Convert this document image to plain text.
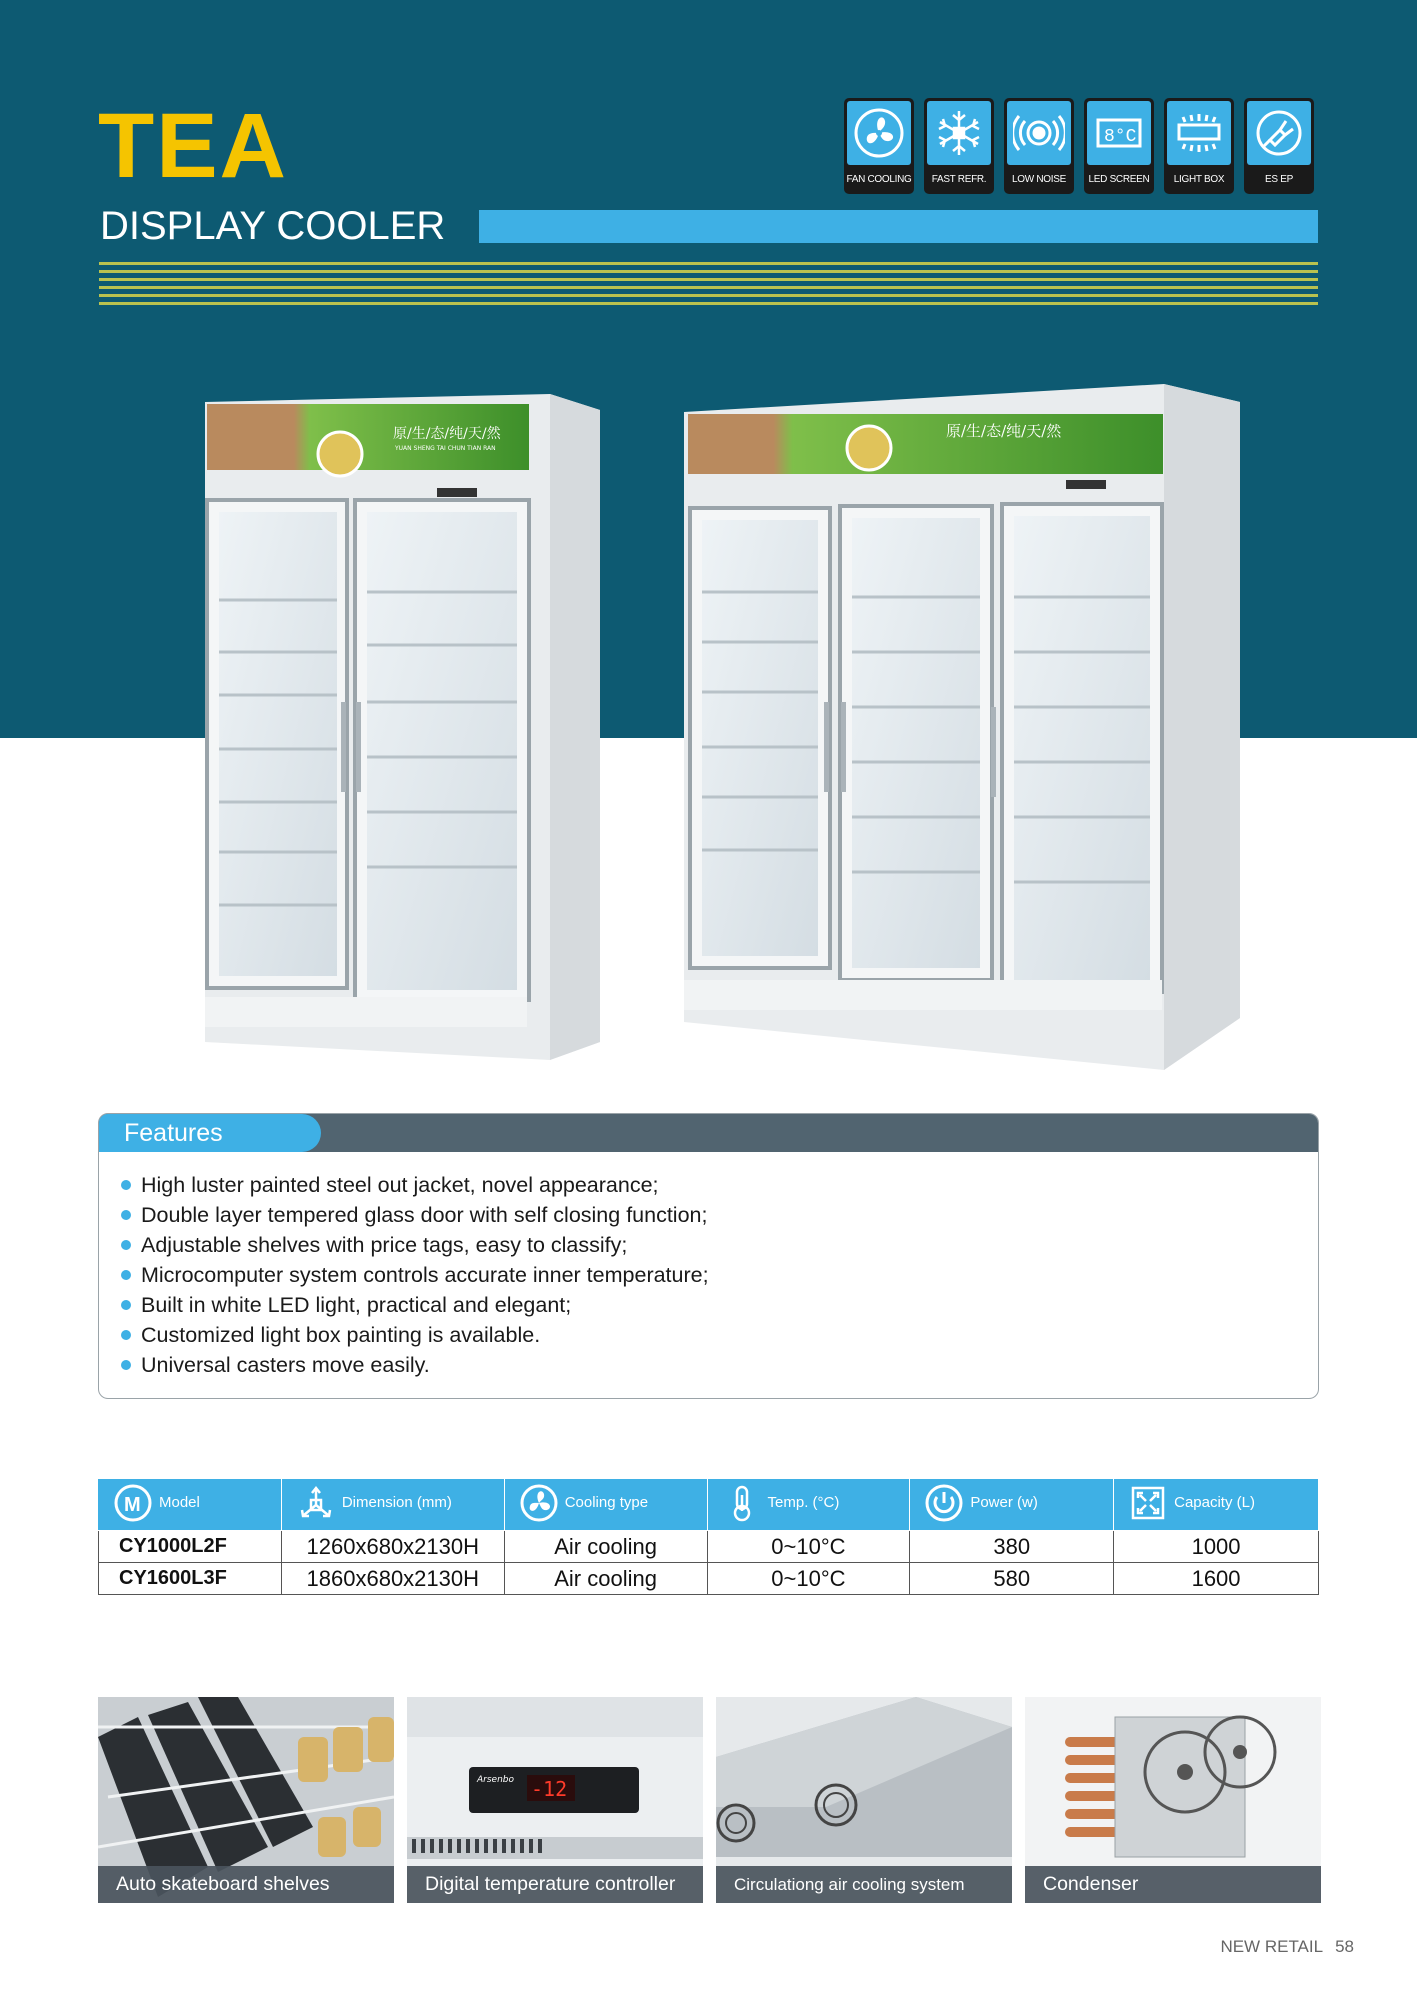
TEA
DISPLAY COOLER
FAN COOLING FAST REFR.	LOW NOISE
8°C
LED SCREEN LIGHT BOX	ES EP
原/生/态/纯/天/然
YUAN SHENG TAI CHUN TIAN RAN
原/生/态/纯/天/然
Features
High luster painted steel out jacket, novel appearance;
Double layer tempered glass door with self closing function;
Adjustable shelves with price tags, easy to classify;
Microcomputer system controls accurate inner temperature;
Built in white LED light, practical and elegant;
Customized light box painting is available.
Universal casters move easily.
M Model	Dimension (mm)	Cooling type	Temp. (°C)	Power (w)	Capacity (L)

CY1000L2F	1260x680x2130H	Air cooling	0~10°C	380	1000
CY1600L3F	1860x680x2130H	Air cooling	0~10°C	580	1600
Auto skateboard shelves
Arsenbo -12
Digital temperature controller	Circulationg air cooling system	Condenser
NEW RETAIL 58
